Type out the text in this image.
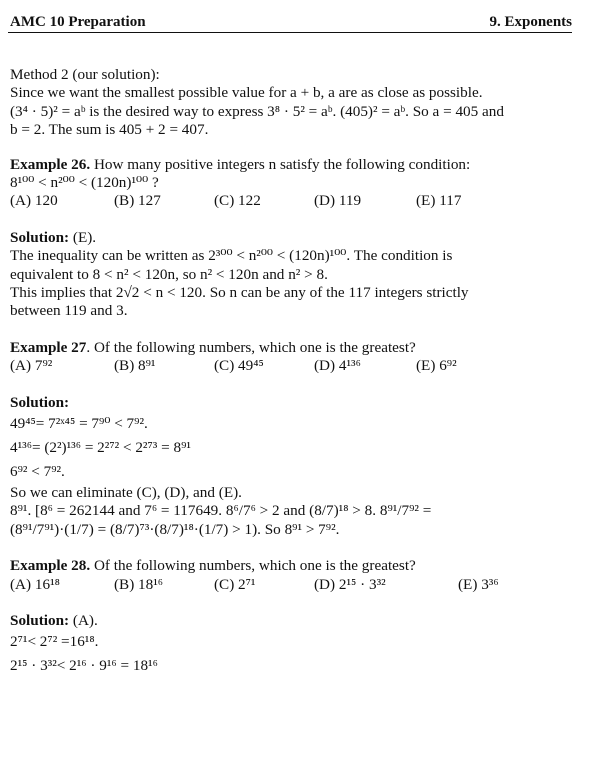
AMC 10 Preparation	9. Exponents
Method 2 (our solution):
Since we want the smallest possible value for a + b, a are as close as possible.
(3⁴ · 5)² = aᵇ is the desired way to express 3⁸ · 5² = aᵇ. (405)² = aᵇ. So a = 405 and
b = 2. The sum is 405 + 2 = 407.
Example 26. How many positive integers n satisfy the following condition:
8¹⁰⁰ < n²⁰⁰ < (120n)¹⁰⁰ ?
(A) 120	(B) 127	(C) 122	(D) 119	(E) 117
Solution: (E).
The inequality can be written as 2³⁰⁰ < n²⁰⁰ < (120n)¹⁰⁰. The condition is
equivalent to 8 < n² < 120n, so n² < 120n and n² > 8.
This implies that 2√2 < n < 120. So n can be any of the 117 integers strictly
between 119 and 3.
Example 27. Of the following numbers, which one is the greatest?
(A) 7⁹²	(B) 8⁹¹	(C) 49⁴⁵	(D) 4¹³⁶	(E) 6⁹²
Solution:
49⁴⁵= 7²ˣ⁴⁵ = 7⁹⁰ < 7⁹².
4¹³⁶= (2²)¹³⁶ = 2²⁷² < 2²⁷³ = 8⁹¹
6⁹² < 7⁹².
So we can eliminate (C), (D), and (E).
8⁹¹. [8⁶ = 262144 and 7⁶ = 117649. 8⁶/7⁶ > 2 and (8/7)¹⁸ > 8. 8⁹¹/7⁹² =
(8⁹¹/7⁹¹)·(1/7) = (8/7)⁷³·(8/7)¹⁸·(1/7) > 1). So 8⁹¹ > 7⁹².
Example 28. Of the following numbers, which one is the greatest?
(A) 16¹⁸	(B) 18¹⁶	(C) 2⁷¹	(D) 2¹⁵ · 3³²	(E) 3³⁶
Solution: (A).
2⁷¹< 2⁷² =16¹⁸.
2¹⁵ · 3³²< 2¹⁶ · 9¹⁶ = 18¹⁶
